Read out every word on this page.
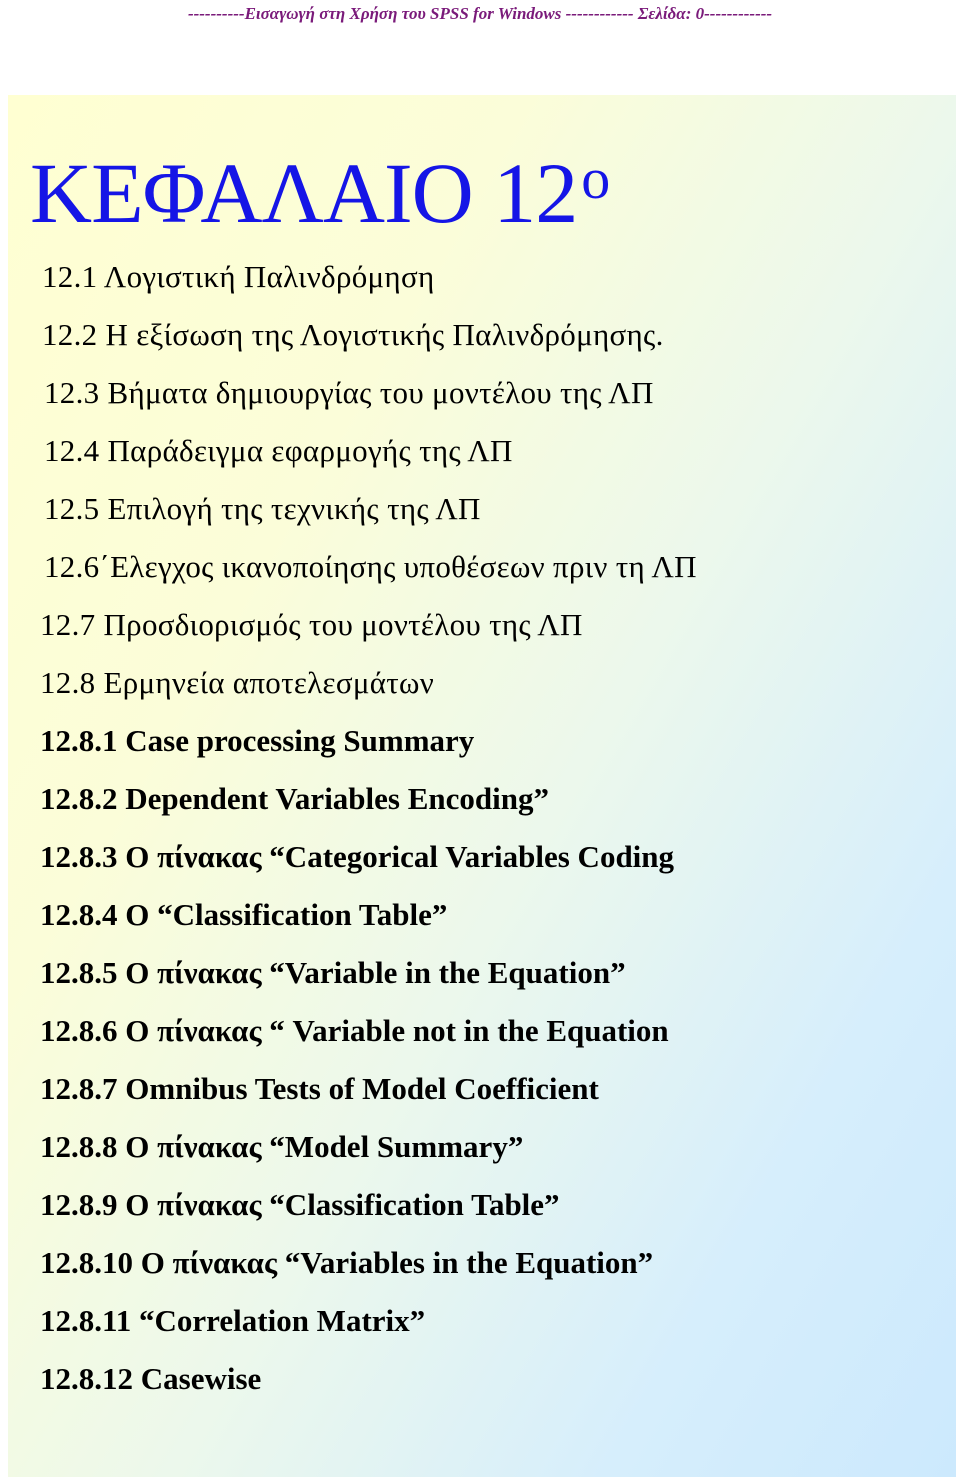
----------Εισαγωγή στη Χρήση του SPSS for Windows ------------ Σελίδα: 0------------
ΚΕΦΑΛΑΙΟ $12^o$
12.1 Λογιστική Παλινδρόμηση
12.2 Η εξίσωση της Λογιστικής Παλινδρόμησης.
12.3 Βήματα δημιουργίας του μοντέλου της ΛΠ
12.4 Παράδειγμα εφαρμογής της ΛΠ
12.5 Επιλογή της τεχνικής της ΛΠ
12.6΄Ελεγχος ικανοποίησης υποθέσεων πριν τη ΛΠ
12.7 Προσδιορισμός του μοντέλου της ΛΠ
12.8 Ερμηνεία αποτελεσμάτων
12.8.1 Case processing Summary
12.8.2 Dependent Variables Encoding”
12.8.3 Ο πίνακας “Categorical Variables Coding
12.8.4 Ο “Classification Table”
12.8.5 Ο πίνακας “Variable in the Equation”
12.8.6 Ο πίνακας “ Variable not in the Equation
12.8.7 Omnibus Tests of Model Coefficient
12.8.8 Ο πίνακας “Model Summary”
12.8.9 Ο πίνακας “Classification Table”
12.8.10 Ο πίνακας “Variables in the Equation”
12.8.11 “Correlation Matrix”
12.8.12 Casewise
